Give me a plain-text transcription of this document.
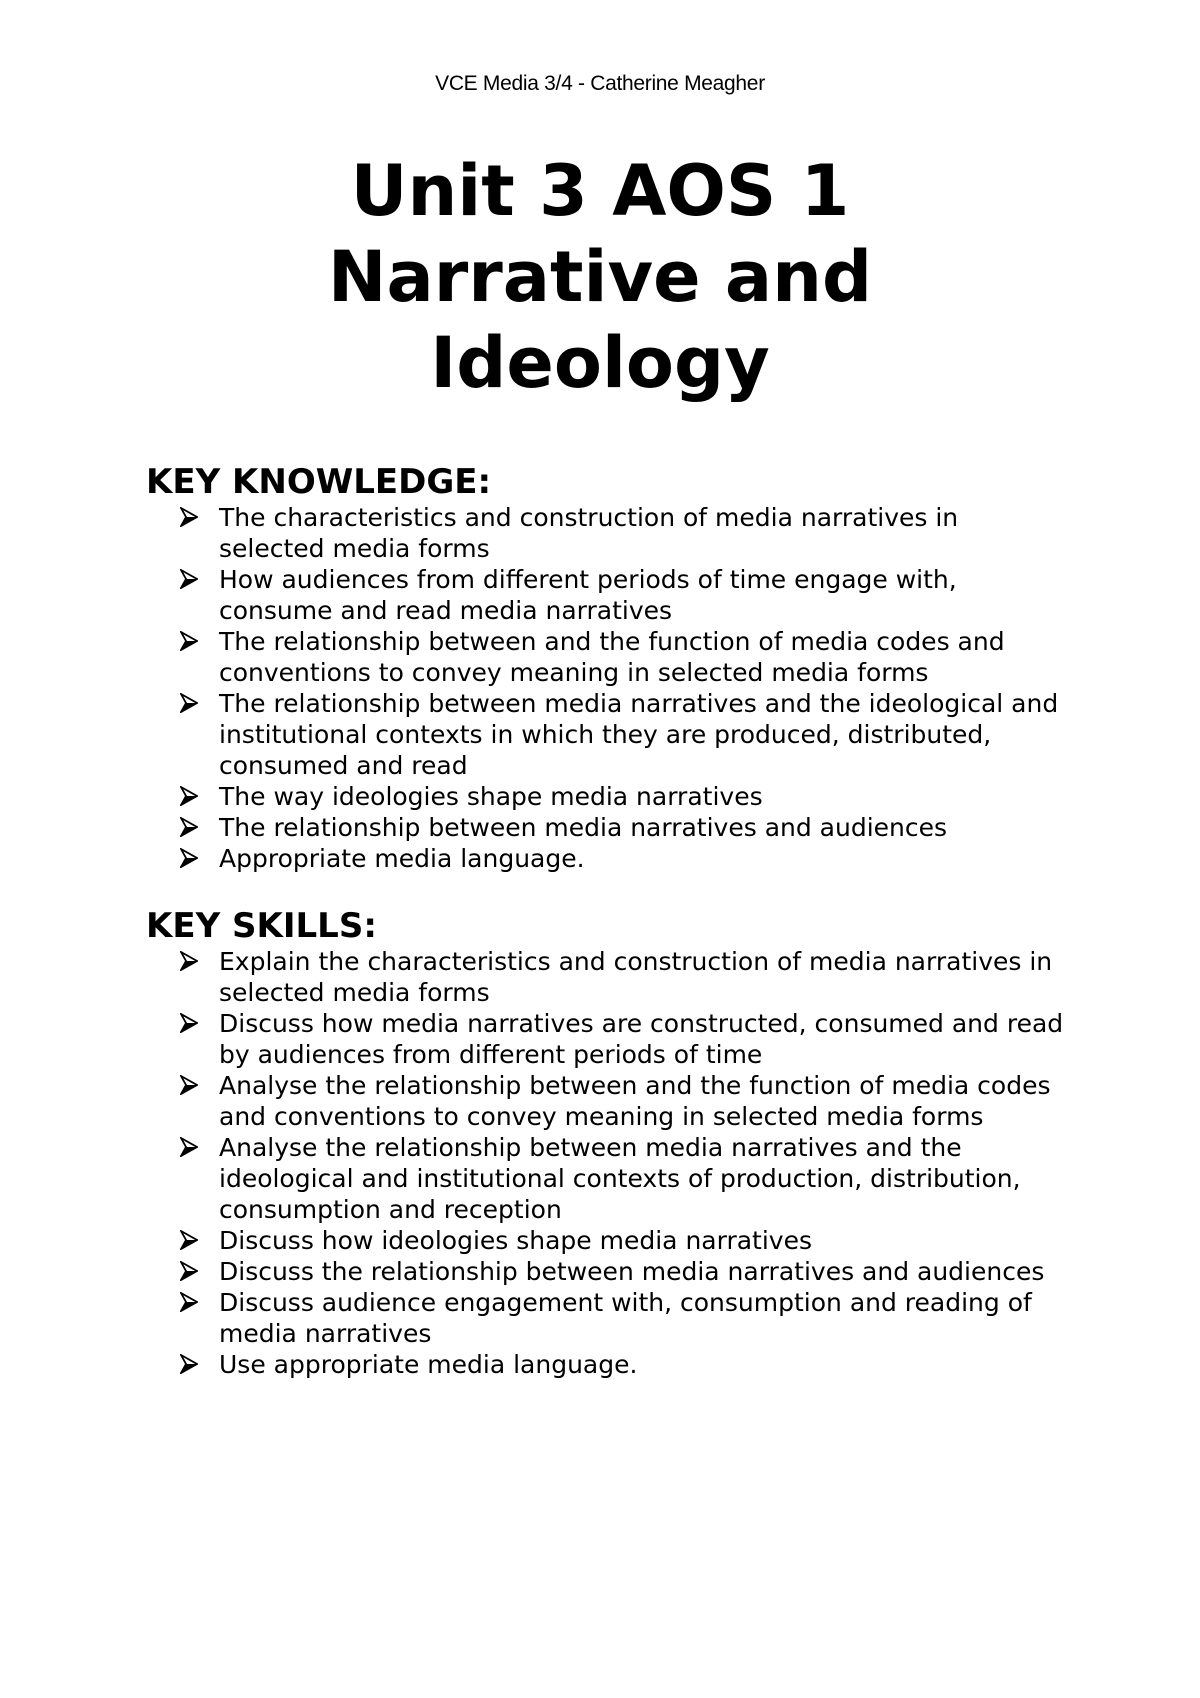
VCE Media 3/4 - Catherine Meagher
Unit 3 AOS 1
Narrative and
Ideology
KEY KNOWLEDGE:
The characteristics and construction of media narratives in selected media forms
How audiences from different periods of time engage with, consume and read media narratives
The relationship between and the function of media codes and conventions to convey meaning in selected media forms
The relationship between media narratives and the ideological and institutional contexts in which they are produced, distributed, consumed and read
The way ideologies shape media narratives
The relationship between media narratives and audiences
Appropriate media language.
KEY SKILLS:
Explain the characteristics and construction of media narratives in selected media forms
Discuss how media narratives are constructed, consumed and read by audiences from different periods of time
Analyse the relationship between and the function of media codes and conventions to convey meaning in selected media forms
Analyse the relationship between media narratives and the ideological and institutional contexts of production, distribution, consumption and reception
Discuss how ideologies shape media narratives
Discuss the relationship between media narratives and audiences
Discuss audience engagement with, consumption and reading of media narratives
Use appropriate media language.
